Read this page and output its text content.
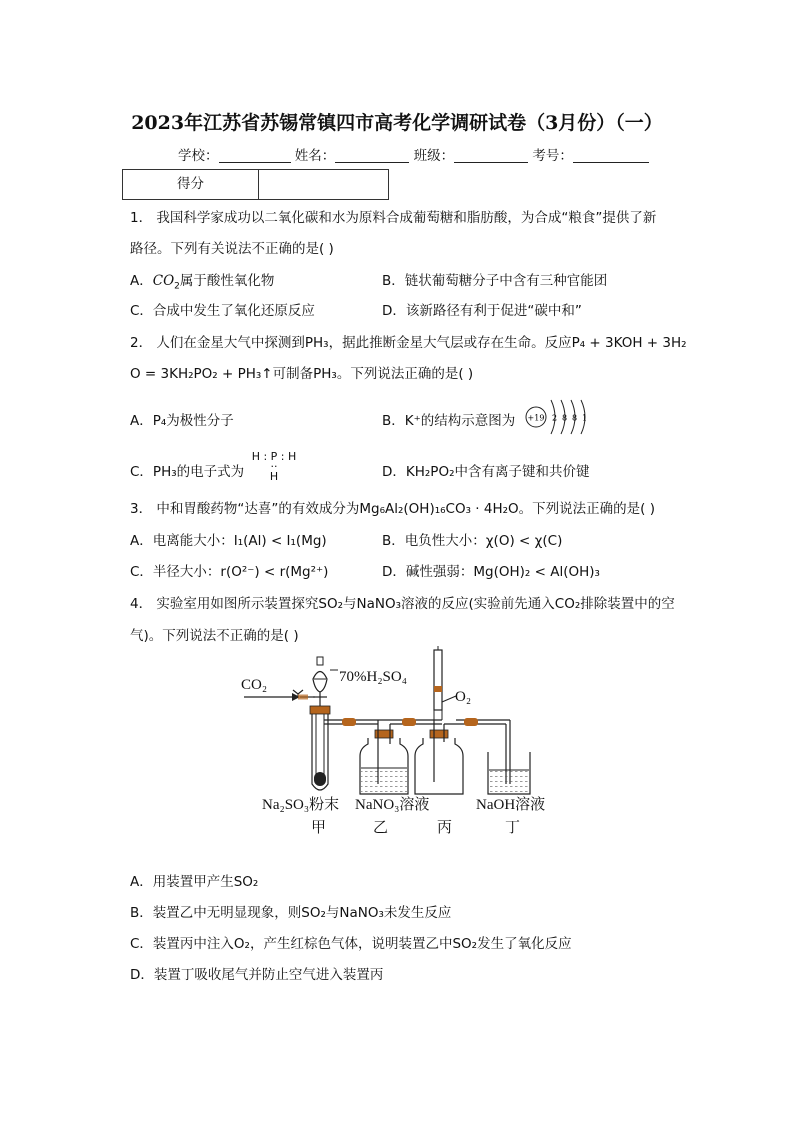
2023年江苏省苏锡常镇四市高考化学调研试卷（3月份）（一）
学校：	姓名：	班级：	考号：
得分
1． 我国科学家成功以二氧化碳和水为原料合成葡萄糖和脂肪酸，为合成“粮食”提供了新
路径。下列有关说法不正确的是( )
A．$CO_2$属于酸性氧化物	B．链状葡萄糖分子中含有三种官能团
C．合成中发生了氧化还原反应	D．该新路径有利于促进“碳中和”
2． 人们在金星大气中探测到PH₃，据此推断金星大气层或存在生命。反应P₄ + 3KOH + 3H₂
O = 3KH₂PO₂ + PH₃↑可制备PH₃。下列说法正确的是( )
A．P₄为极性分子	B．K⁺的结构示意图为 +19 2 8 8 1
C．PH₃的电子式为
H : P : H
··
H	D．KH₂PO₂中含有离子键和共价键
3． 中和胃酸药物“达喜”的有效成分为Mg₆Al₂(OH)₁₆CO₃ · 4H₂O。下列说法正确的是( )
A．电离能大小：I₁(Al) < I₁(Mg)	B．电负性大小：χ(O) < χ(C)
C．半径大小：r(O²⁻) < r(Mg²⁺)	D．碱性强弱：Mg(OH)₂ < Al(OH)₃
4． 实验室用如图所示装置探究SO₂与NaNO₃溶液的反应(实验前先通入CO₂排除装置中的空
气)。下列说法不正确的是( )
CO₂	70%H₂SO₄
O₂
Na₂SO₃粉末 NaNO₃溶液	NaOH溶液
甲	乙	丙	丁
A．用装置甲产生SO₂
B．装置乙中无明显现象，则SO₂与NaNO₃未发生反应
C．装置丙中注入O₂，产生红棕色气体，说明装置乙中SO₂发生了氧化反应
D．装置丁吸收尾气并防止空气进入装置丙
